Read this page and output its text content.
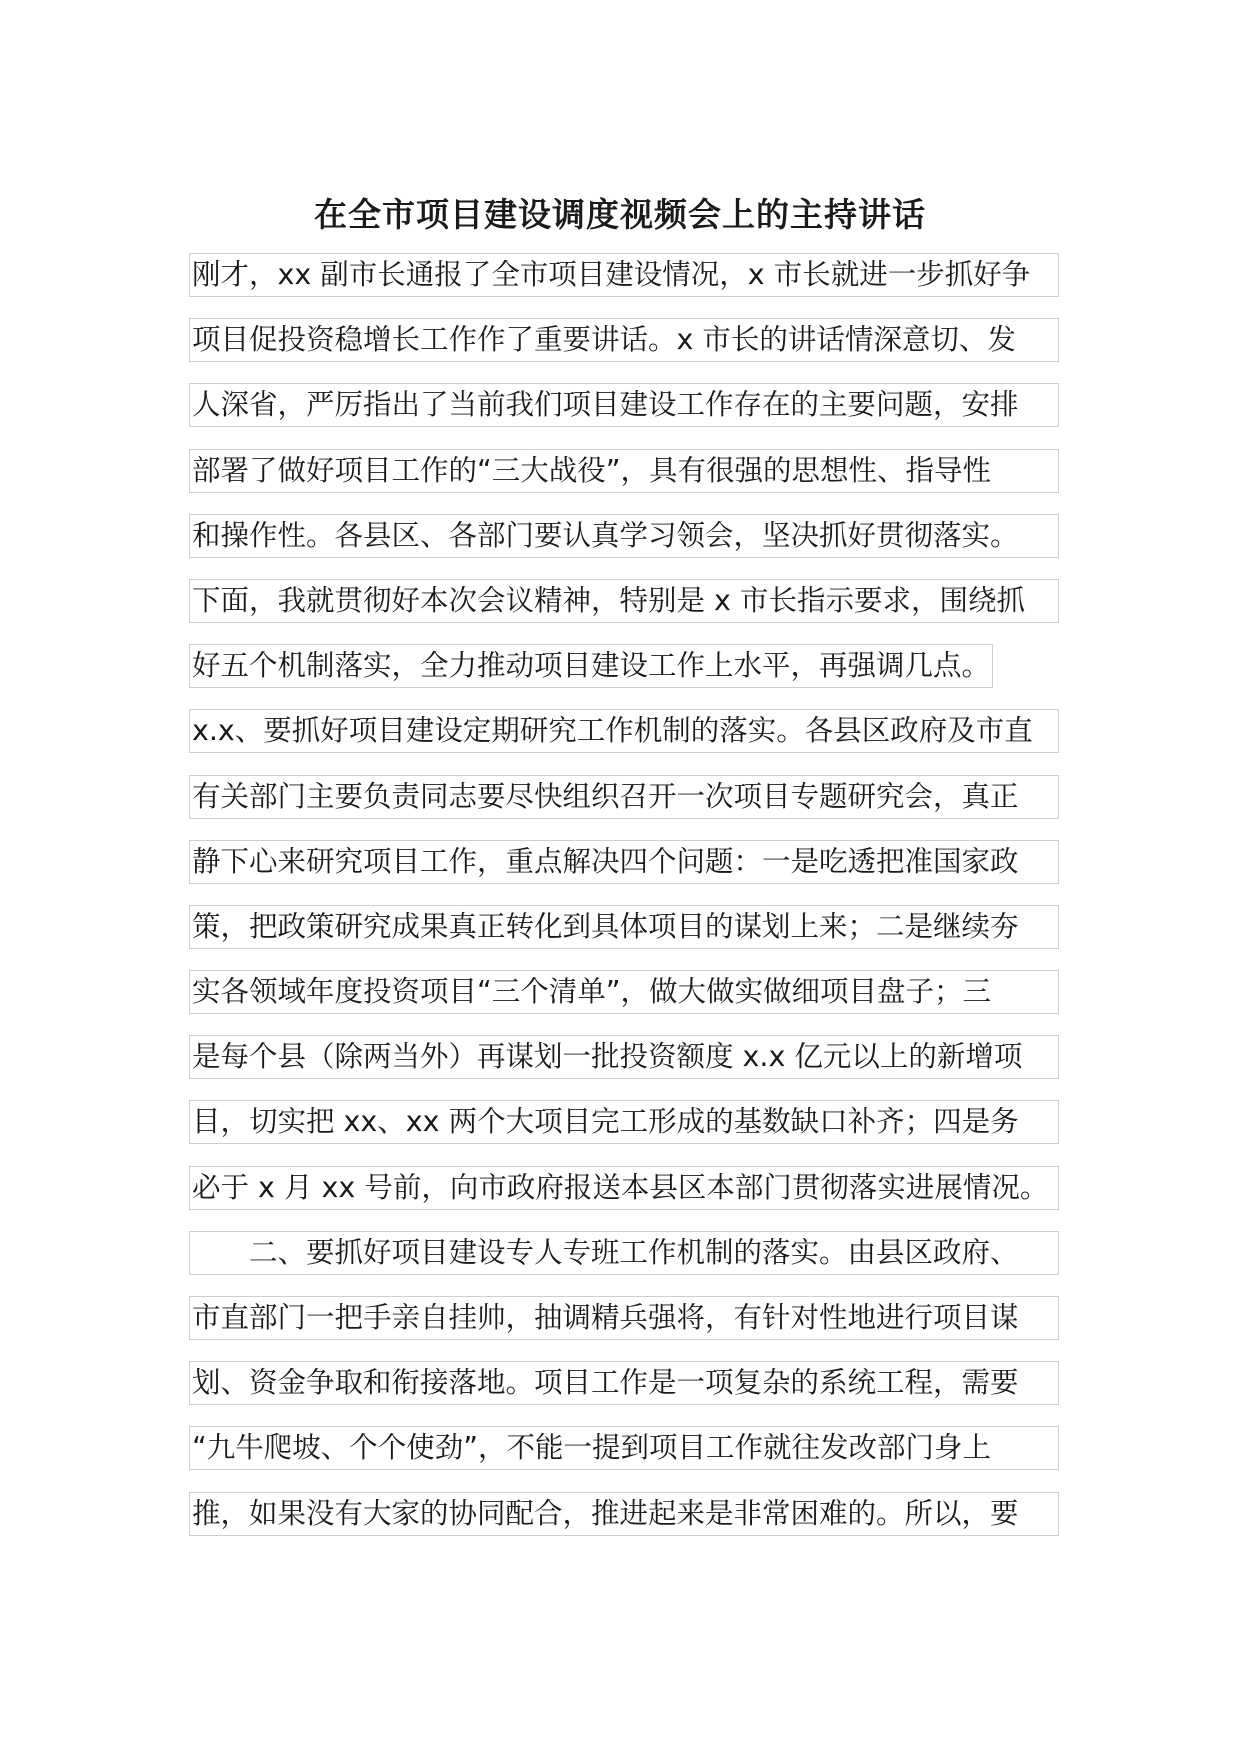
在全市项目建设调度视频会上的主持讲话
刚才，xx 副市长通报了全市项目建设情况，x 市长就进一步抓好争
项目促投资稳增长工作作了重要讲话。x 市长的讲话情深意切、发
人深省，严厉指出了当前我们项目建设工作存在的主要问题，安排
部署了做好项目工作的“三大战役”，具有很强的思想性、指导性
和操作性。各县区、各部门要认真学习领会，坚决抓好贯彻落实。
下面，我就贯彻好本次会议精神，特别是 x 市长指示要求，围绕抓
好五个机制落实，全力推动项目建设工作上水平，再强调几点。
x.x、要抓好项目建设定期研究工作机制的落实。各县区政府及市直
有关部门主要负责同志要尽快组织召开一次项目专题研究会，真正
静下心来研究项目工作，重点解决四个问题：一是吃透把准国家政
策，把政策研究成果真正转化到具体项目的谋划上来；二是继续夯
实各领域年度投资项目“三个清单”，做大做实做细项目盘子；三
是每个县（除两当外）再谋划一批投资额度 x.x 亿元以上的新增项
目，切实把 xx、xx 两个大项目完工形成的基数缺口补齐；四是务
必于 x 月 xx 号前，向市政府报送本县区本部门贯彻落实进展情况。
　　二、要抓好项目建设专人专班工作机制的落实。由县区政府、
市直部门一把手亲自挂帅，抽调精兵强将，有针对性地进行项目谋
划、资金争取和衔接落地。项目工作是一项复杂的系统工程，需要
“九牛爬坡、个个使劲”，不能一提到项目工作就往发改部门身上
推，如果没有大家的协同配合，推进起来是非常困难的。所以，要
